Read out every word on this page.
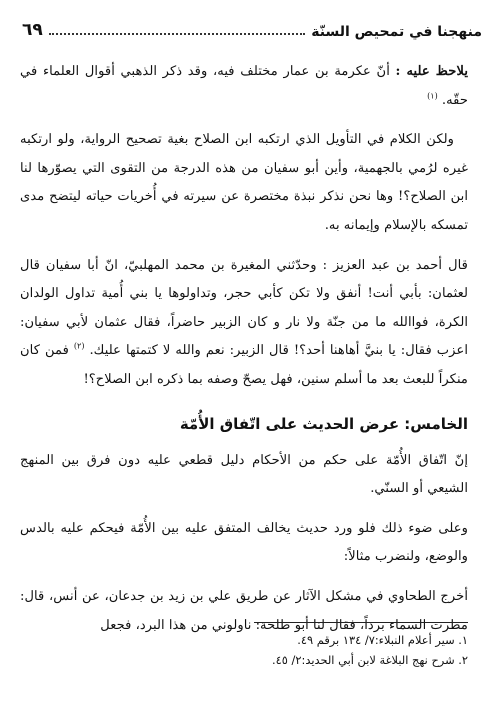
منهجنا في تمحيص السنّة
٦٩

يلاحظ عليه : أنّ عكرمة بن عمار مختلف فيه، وقد ذكر الذهبي أقوال العلماء في حقّه. $^{(١)}$

ولكن الكلام في التأويل الذي ارتكبه ابن الصلاح بغية تصحيح الرواية، ولو ارتكبه غيره لرُمي بالجهمية، وأين أبو سفيان من هذه الدرجة من التقوى التي يصوّرها لنا ابن الصلاح؟! وها نحن نذكر نبذة مختصرة عن سيرته في أُخريات حياته ليتضح مدى تمسكه بالإسلام وإيمانه به.

قال أحمد بن عبد العزيز : وحدّثني المغيرة بن محمد المهلبيّ، انّ أبا سفيان قال لعثمان: بأبي أنت! أنفق ولا تكن كأبي حجر، وتداولوها يا بني أُمية تداول الولدان الكرة، فواالله ما من جنّة ولا نار و كان الزبير حاضراً، فقال عثمان لأبي سفيان: اعزب فقال: يا بنيَّ أهاهنا أحد؟! قال الزبير: نعم والله لا كتمتها عليك. $^{(٢)}$ فمن كان منكراً للبعث بعد ما أسلم سنين، فهل يصحّ وصفه بما ذكره ابن الصلاح؟!

الخامس: عرض الحديث على اتّفاق الأُمّة

إنّ اتّفاق الأُمّة على حكم من الأحكام دليل قطعي عليه دون فرق بين المنهج الشيعي أو السنّي.

وعلى ضوء ذلك فلو ورد حديث يخالف المتفق عليه بين الأُمّة فيحكم عليه بالدس والوضع، ولنضرب مثالاً:

أخرج الطحاوي في مشكل الآثار عن طريق علي بن زيد بن جدعان، عن أنس، قال: مطرت السماء برداً، فقال لنا أبو طلحة: ناولوني من هذا البرد، فجعل

١. سير أعلام النبلاء:٧/ ١٣٤ برقم ٤٩.
٢. شرح نهج البلاغة لابن أبي الحديد:٢/ ٤٥.
